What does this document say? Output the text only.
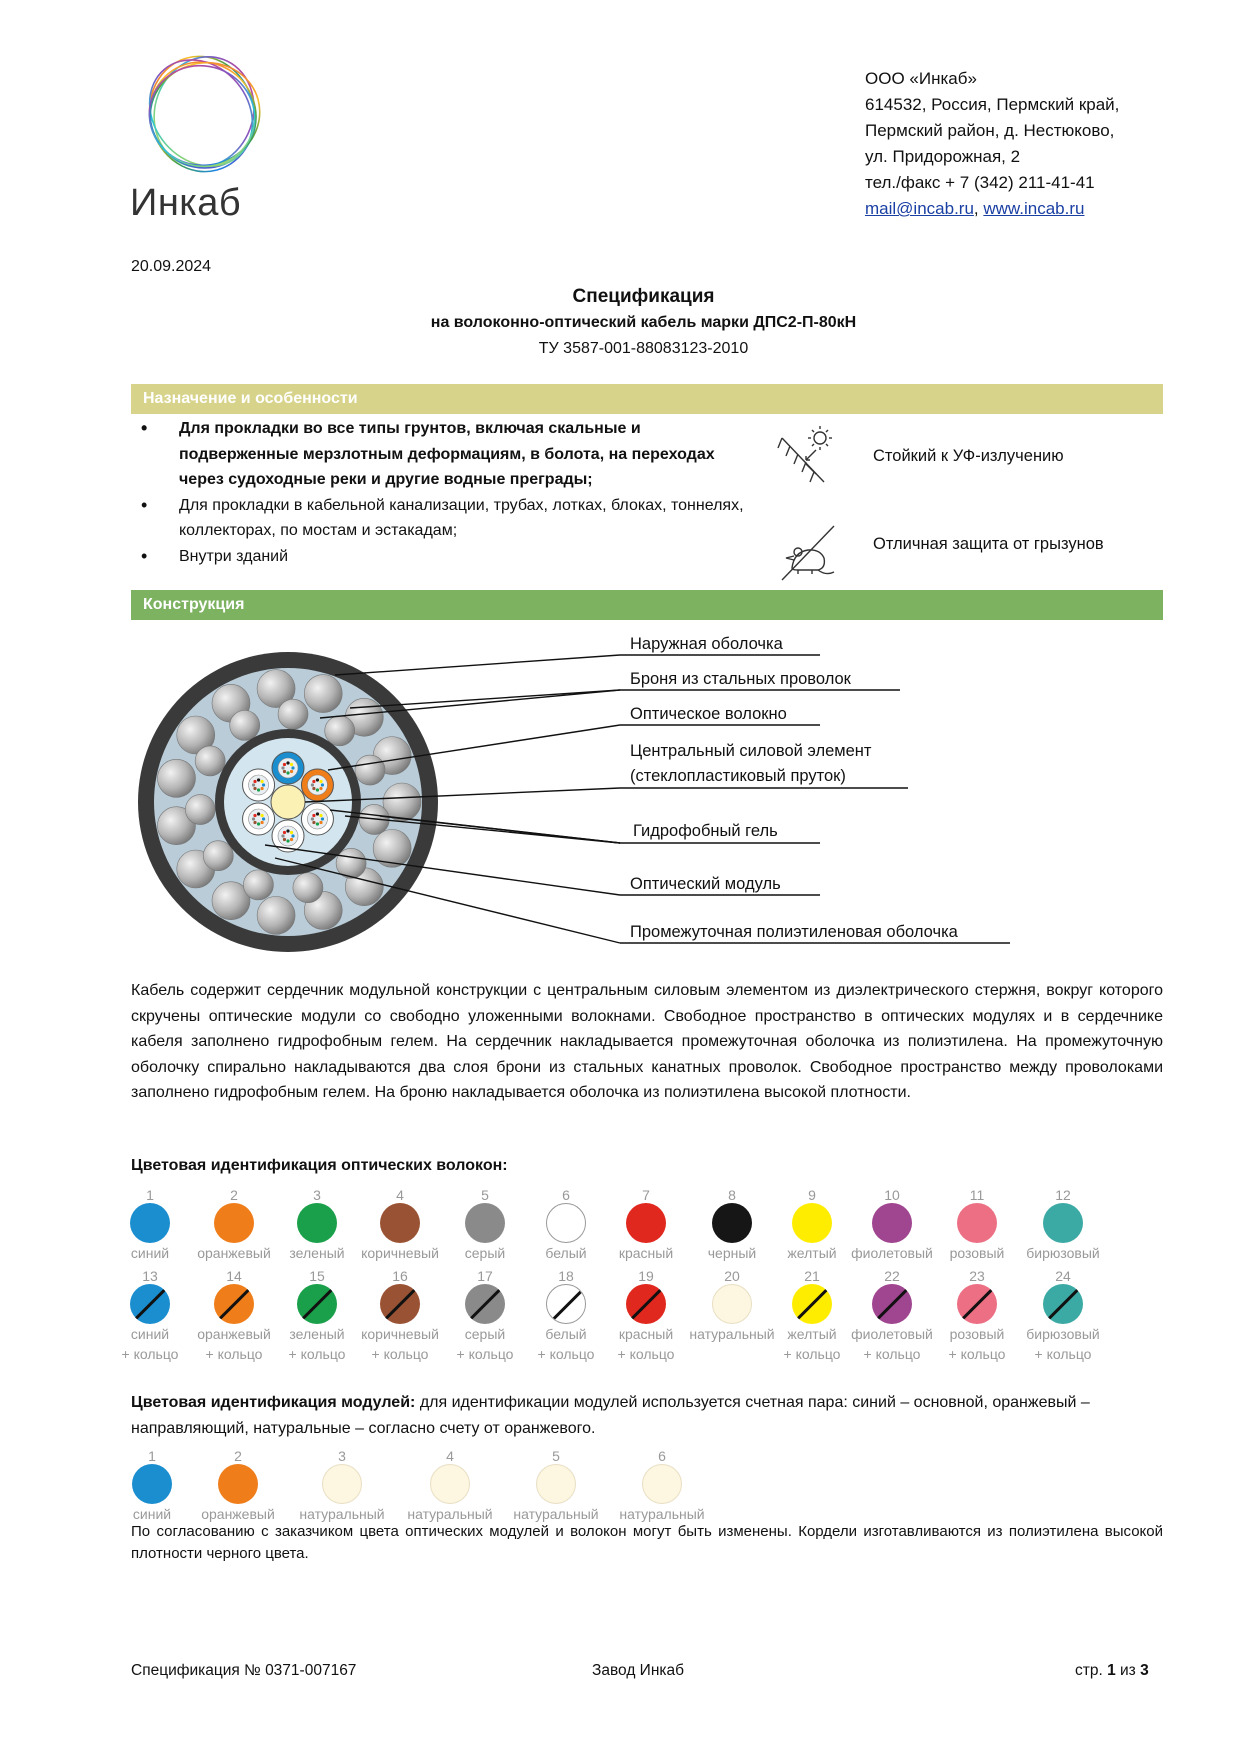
Инкаб
ООО «Инкаб»
614532, Россия, Пермский край,
Пермский район, д. Нестюково,
ул. Придорожная, 2
тел./факс + 7 (342) 211-41-41
mail@incab.ru, www.incab.ru
20.09.2024
Спецификация
на волоконно-оптический кабель марки ДПС2-П-80кН
ТУ 3587-001-88083123-2010
Назначение и особенности
• Для прокладки во все типы грунтов, включая скальные и подверженные мерзлотным деформациям, в болота, на переходах через судоходные реки и другие водные преграды;
• Для прокладки в кабельной канализации, трубах, лотках, блоках, тоннелях, коллекторах, по мостам и эстакадам;
• Внутри зданий
Стойкий к УФ-излучению
Отличная защита от грызунов
Конструкция
Наружная оболочка
Броня из стальных проволок
Оптическое волокно
Центральный силовой элемент
(стеклопластиковый пруток)
Гидрофобный гель
Оптический модуль
Промежуточная полиэтиленовая оболочка
Кабель содержит сердечник модульной конструкции с центральным силовым элементом из диэлектрического стержня, вокруг которого скручены оптические модули со свободно уложенными волокнами. Свободное пространство в оптических модулях и в сердечнике кабеля заполнено гидрофобным гелем. На сердечник накладывается промежуточная оболочка из полиэтилена. На промежуточную оболочку спирально накладываются два слоя брони из стальных канатных проволок. Свободное пространство между проволоками заполнено гидрофобным гелем. На броню накладывается оболочка из полиэтилена высокой плотности.
Цветовая идентификация оптических волокон:
1
синий
2
оранжевый
3
зеленый
4
коричневый
5
серый
6
белый
7
красный
8
черный
9
желтый
10
фиолетовый
11
розовый
12
бирюзовый
13
синий
+ кольцо
14
оранжевый
+ кольцо
15
зеленый
+ кольцо
16
коричневый
+ кольцо
17
серый
+ кольцо
18
белый
+ кольцо
19
красный
+ кольцо
20
натуральный
21
желтый
+ кольцо
22
фиолетовый
+ кольцо
23
розовый
+ кольцо
24
бирюзовый
+ кольцо
Цветовая идентификация модулей: для идентификации модулей используется счетная пара: синий – основной, оранжевый – направляющий, натуральные – согласно счету от оранжевого.
1
синий
2
оранжевый
3
натуральный
4
натуральный
5
натуральный
6
натуральный
По согласованию с заказчиком цвета оптических модулей и волокон могут быть изменены. Кордели изготавливаются из полиэтилена высокой плотности черного цвета.
Спецификация № 0371-007167	Завод Инкаб	стр. 1 из 3
